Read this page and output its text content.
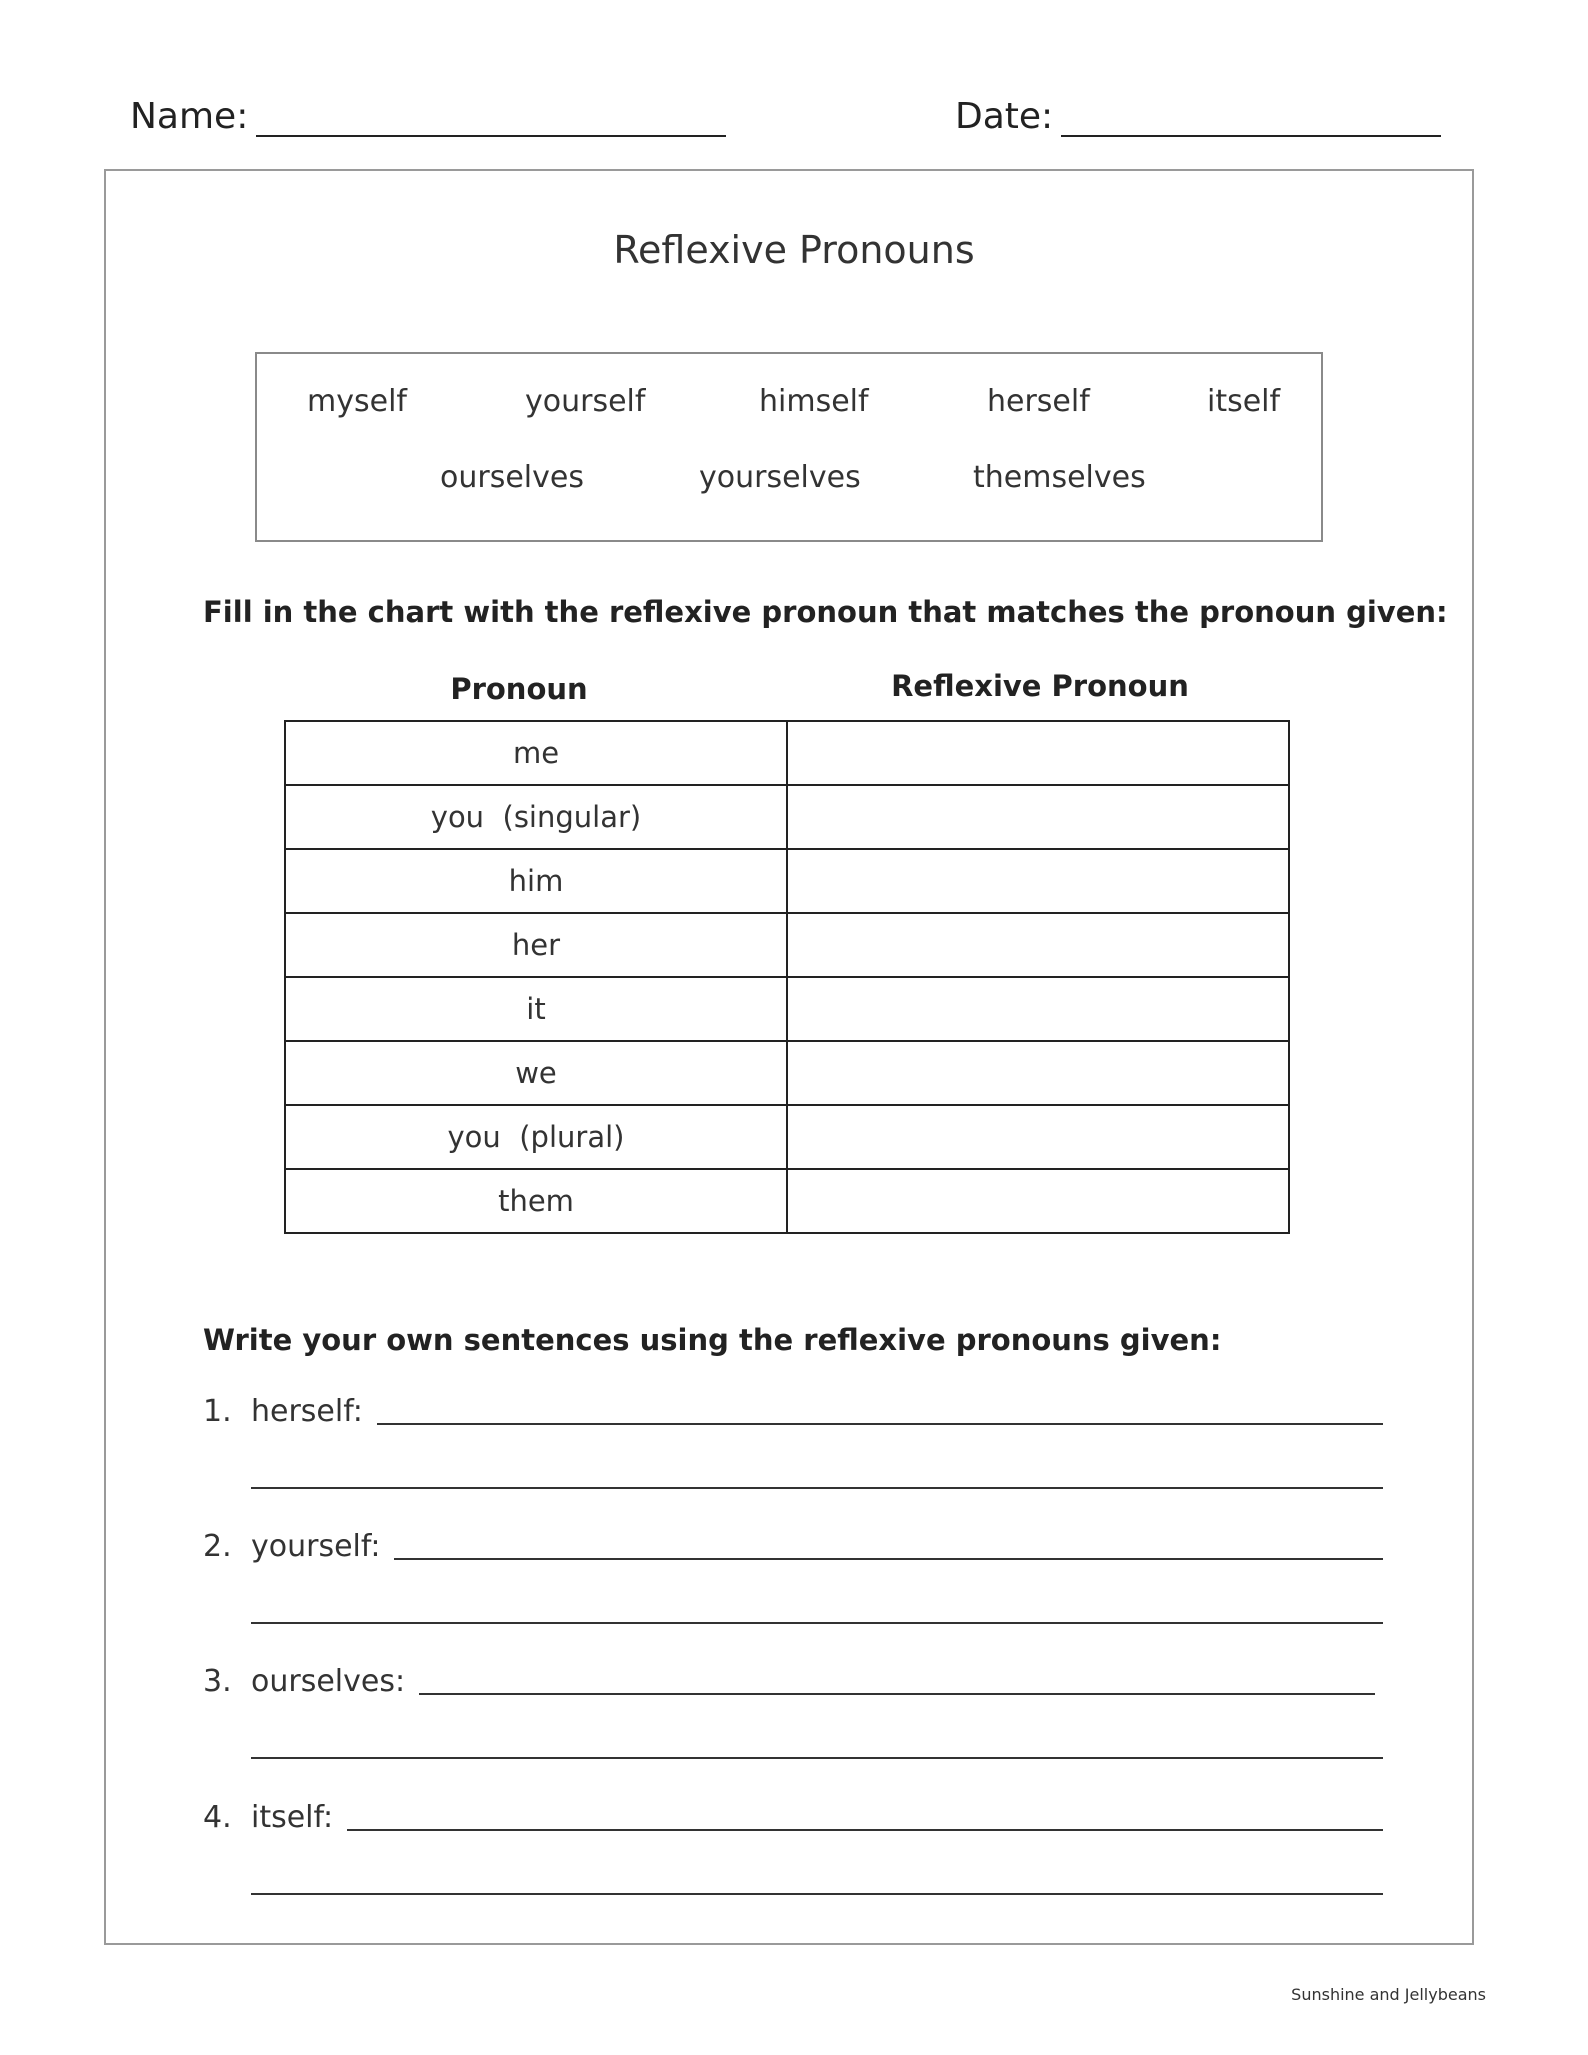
Name:	Date:
Reflexive Pronouns
myself	yourself	himself	herself	itself
ourselves	yourselves	themselves
Fill in the chart with the reflexive pronoun that matches the pronoun given:
Pronoun	Reflexive Pronoun
me	
you  (singular)	
him	
her	
it	
we	
you  (plural)	
them	
Write your own sentences using the reflexive pronouns given:
1. herself:
2. yourself:
3. ourselves:
4. itself:
Sunshine and Jellybeans
